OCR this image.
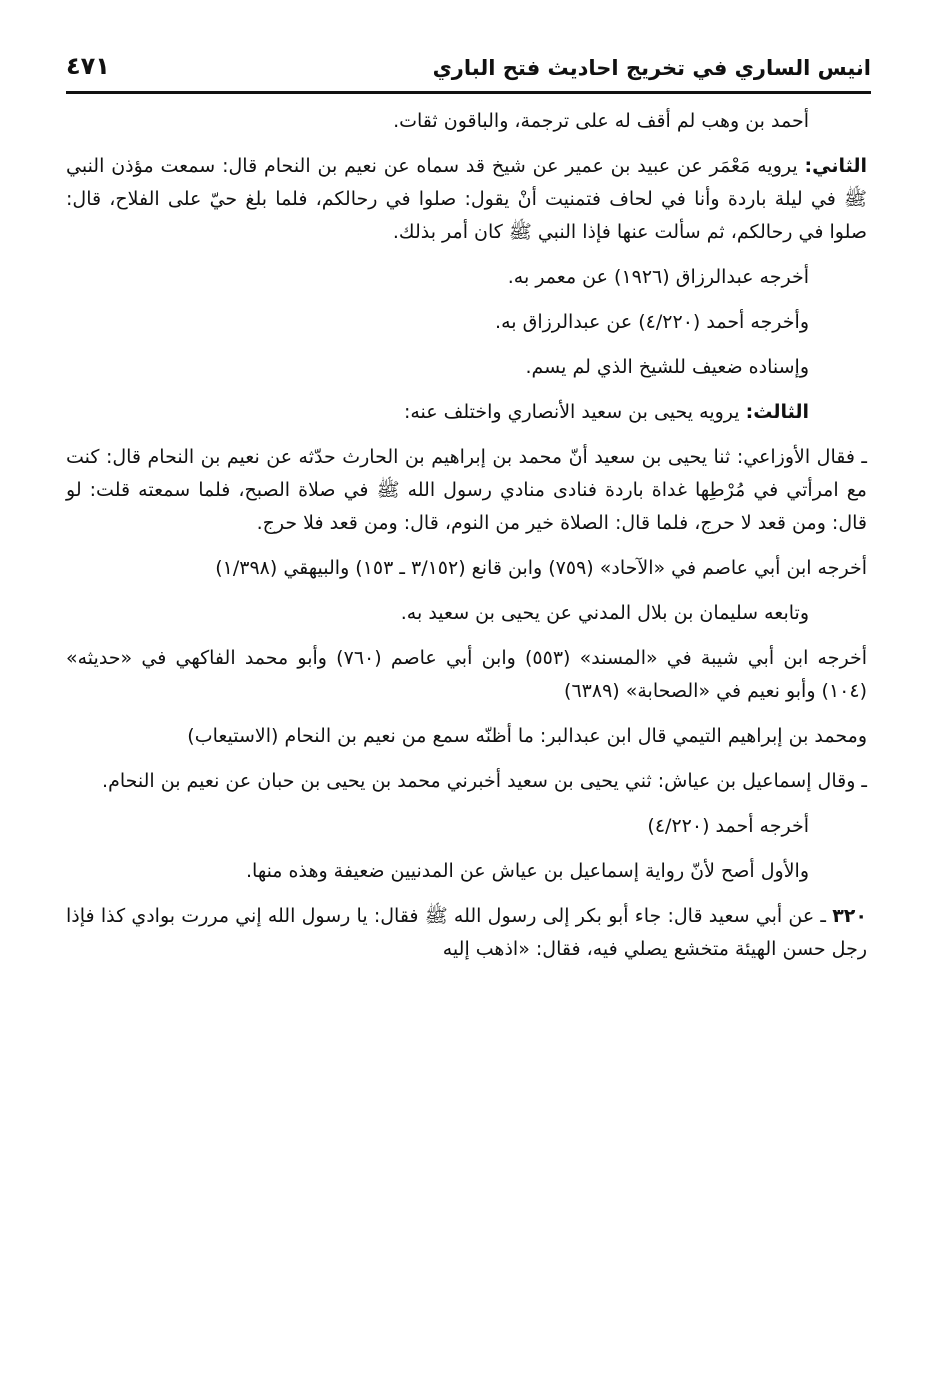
انيس الساري في تخريج احاديث فتح الباري
٤٧١

أحمد بن وهب لم أقف له على ترجمة، والباقون ثقات.

الثاني: يرويه مَعْمَر عن عبيد بن عمير عن شيخ قد سماه عن نعيم بن النحام قال: سمعت مؤذن النبي ﷺ في ليلة باردة وأنا في لحاف فتمنيت أنْ يقول: صلوا في رحالكم، فلما بلغ حيّ على الفلاح، قال: صلوا في رحالكم، ثم سألت عنها فإذا النبي ﷺ كان أمر بذلك.

أخرجه عبدالرزاق (١٩٢٦) عن معمر به.

وأخرجه أحمد (٤/٢٢٠) عن عبدالرزاق به.

وإسناده ضعيف للشيخ الذي لم يسم.

الثالث: يرويه يحيى بن سعيد الأنصاري واختلف عنه:

ـ فقال الأوزاعي: ثنا يحيى بن سعيد أنّ محمد بن إبراهيم بن الحارث حدّثه عن نعيم بن النحام قال: كنت مع امرأتي في مُرْطِها غداة باردة فنادى منادي رسول الله ﷺ في صلاة الصبح، فلما سمعته قلت: لو قال: ومن قعد لا حرج، فلما قال: الصلاة خير من النوم، قال: ومن قعد فلا حرج.

أخرجه ابن أبي عاصم في «الآحاد» (٧٥٩) وابن قانع (٣/١٥٢ ـ ١٥٣) والبيهقي (١/٣٩٨)

وتابعه سليمان بن بلال المدني عن يحيى بن سعيد به.

أخرجه ابن أبي شيبة في «المسند» (٥٥٣) وابن أبي عاصم (٧٦٠) وأبو محمد الفاكهي في «حديثه» (١٠٤) وأبو نعيم في «الصحابة» (٦٣٨٩)

ومحمد بن إبراهيم التيمي قال ابن عبدالبر: ما أظنّه سمع من نعيم بن النحام (الاستيعاب)

ـ وقال إسماعيل بن عياش: ثني يحيى بن سعيد أخبرني محمد بن يحيى بن حبان عن نعيم بن النحام.

أخرجه أحمد (٤/٢٢٠)

والأول أصح لأنّ رواية إسماعيل بن عياش عن المدنيين ضعيفة وهذه منها.

٣٢٠ ـ عن أبي سعيد قال: جاء أبو بكر إلى رسول الله ﷺ فقال: يا رسول الله إني مررت بوادي كذا فإذا رجل حسن الهيئة متخشع يصلي فيه، فقال: «اذهب إليه
